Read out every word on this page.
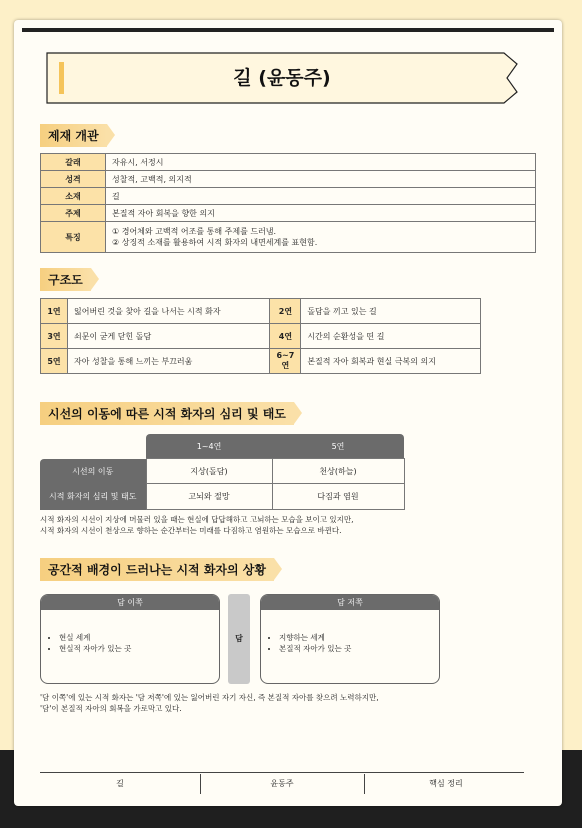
길 (윤동주)
제재 개관
갈래	자유시, 서정시
성격	성찰적, 고백적, 의지적
소재	길
주제	본질적 자아 회복을 향한 의지
특징	① 경어체와 고백적 어조를 통해 주제를 드러냄.
② 상징적 소재를 활용하여 시적 화자의 내면세계를 표현함.
구조도
1연	잃어버린 것을 찾아 길을 나서는 시적 화자	2연	돌담을 끼고 있는 길
3연	쇠문이 굳게 닫힌 돌담	4연	시간의 순환성을 띤 길
5연	자아 성찰을 통해 느끼는 부끄러움	6~7연	본질적 자아 회복과 현실 극복의 의지
시선의 이동에 따른 시적 화자의 심리 및 태도
	1~4연	5연
시선의 이동	지상(돌담)	천상(하늘)
시적 화자의 심리 및 태도	고뇌와 절망	다짐과 염원
시적 화자의 시선이 지상에 머물러 있을 때는 현실에 답답해하고 고뇌하는 모습을 보이고 있지만,
시적 화자의 시선이 천상으로 향하는 순간부터는 미래를 다짐하고 염원하는 모습으로 바뀐다.
공간적 배경이 드러나는 시적 화자의 상황
담 이쪽
• 현실 세계
• 현실적 자아가 있는 곳
담
담 저쪽
• 지향하는 세계
• 본질적 자아가 있는 곳
'담 이쪽'에 있는 시적 화자는 '담 저쪽'에 있는 잃어버린 자기 자신, 즉 본질적 자아를 찾으려 노력하지만,
'담'이 본질적 자아의 회복을 가로막고 있다.
길	윤동주	핵심 정리
